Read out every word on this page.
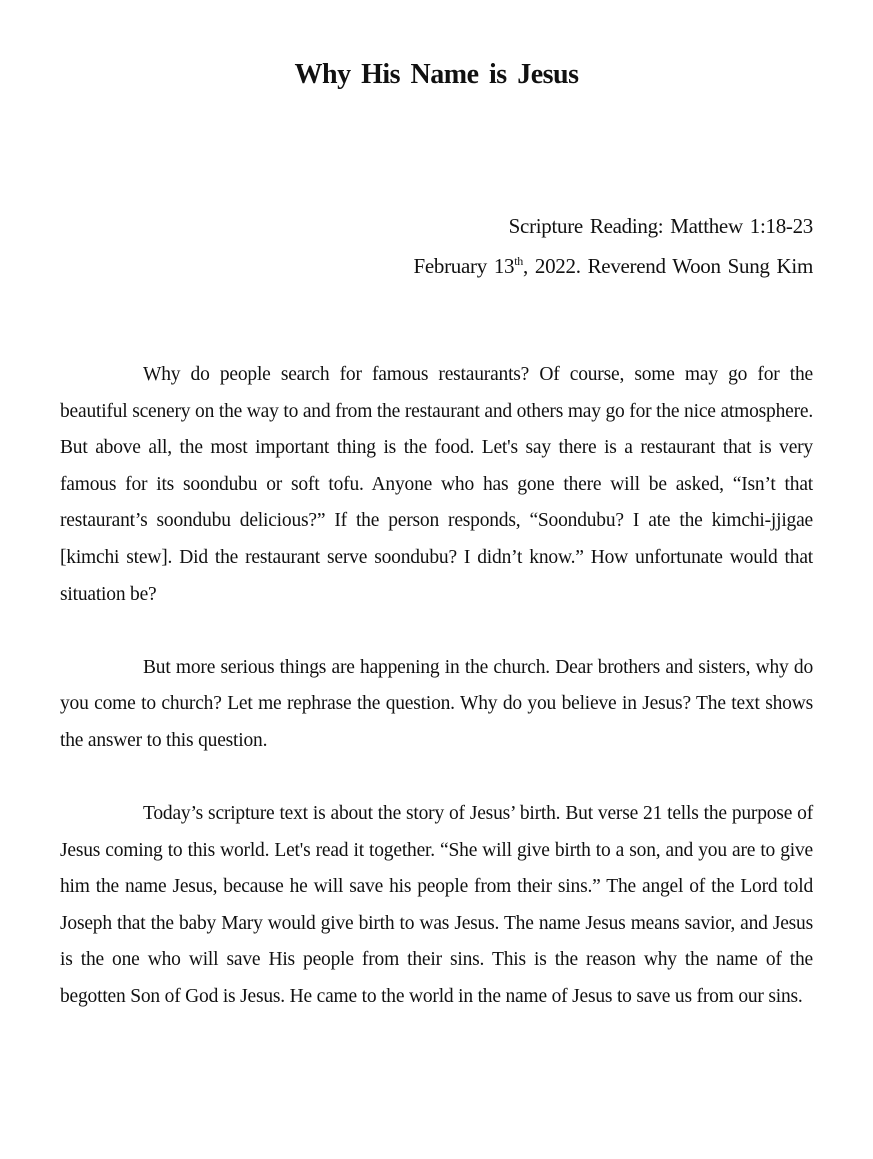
Why His Name is Jesus
Scripture Reading: Matthew 1:18-23
February 13th, 2022. Reverend Woon Sung Kim

Why do people search for famous restaurants? Of course, some may go for the beautiful scenery on the way to and from the restaurant and others may go for the nice atmosphere. But above all, the most important thing is the food. Let's say there is a restaurant that is very famous for its soondubu or soft tofu. Anyone who has gone there will be asked, “Isn’t that restaurant’s soondubu delicious?” If the person responds, “Soondubu? I ate the kimchi-jjigae [kimchi stew]. Did the restaurant serve soondubu? I didn’t know.” How unfortunate would that situation be?

But more serious things are happening in the church. Dear brothers and sisters, why do you come to church? Let me rephrase the question. Why do you believe in Jesus? The text shows the answer to this question.

Today’s scripture text is about the story of Jesus’ birth. But verse 21 tells the purpose of Jesus coming to this world. Let's read it together. “She will give birth to a son, and you are to give him the name Jesus, because he will save his people from their sins.” The angel of the Lord told Joseph that the baby Mary would give birth to was Jesus. The name Jesus means savior, and Jesus is the one who will save His people from their sins. This is the reason why the name of the begotten Son of God is Jesus. He came to the world in the name of Jesus to save us from our sins.
